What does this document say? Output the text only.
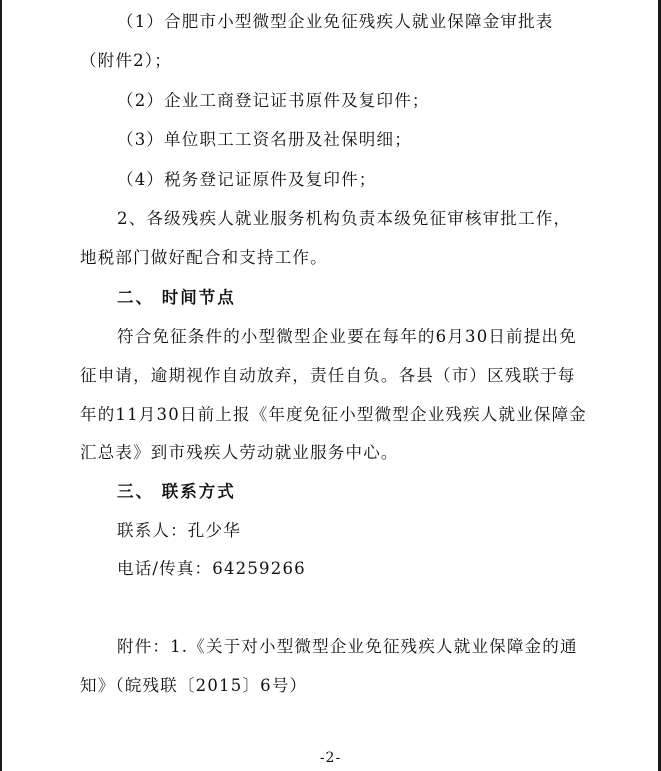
（1）合肥市小型微型企业免征残疾人就业保障金审批表
（附件2）；
（2）企业工商登记证书原件及复印件；
（3）单位职工工资名册及社保明细；
（4）税务登记证原件及复印件；
2、各级残疾人就业服务机构负责本级免征审核审批工作，
地税部门做好配合和支持工作。
二、 时间节点
符合免征条件的小型微型企业要在每年的6月30日前提出免
征申请，逾期视作自动放弃，责任自负。各县（市）区残联于每
年的11月30日前上报《年度免征小型微型企业残疾人就业保障金
汇总表》到市残疾人劳动就业服务中心。
三、 联系方式
联系人：孔少华
电话/传真：64259266
附件：1.《关于对小型微型企业免征残疾人就业保障金的通
知》（皖残联〔2015〕6号）
-2-
